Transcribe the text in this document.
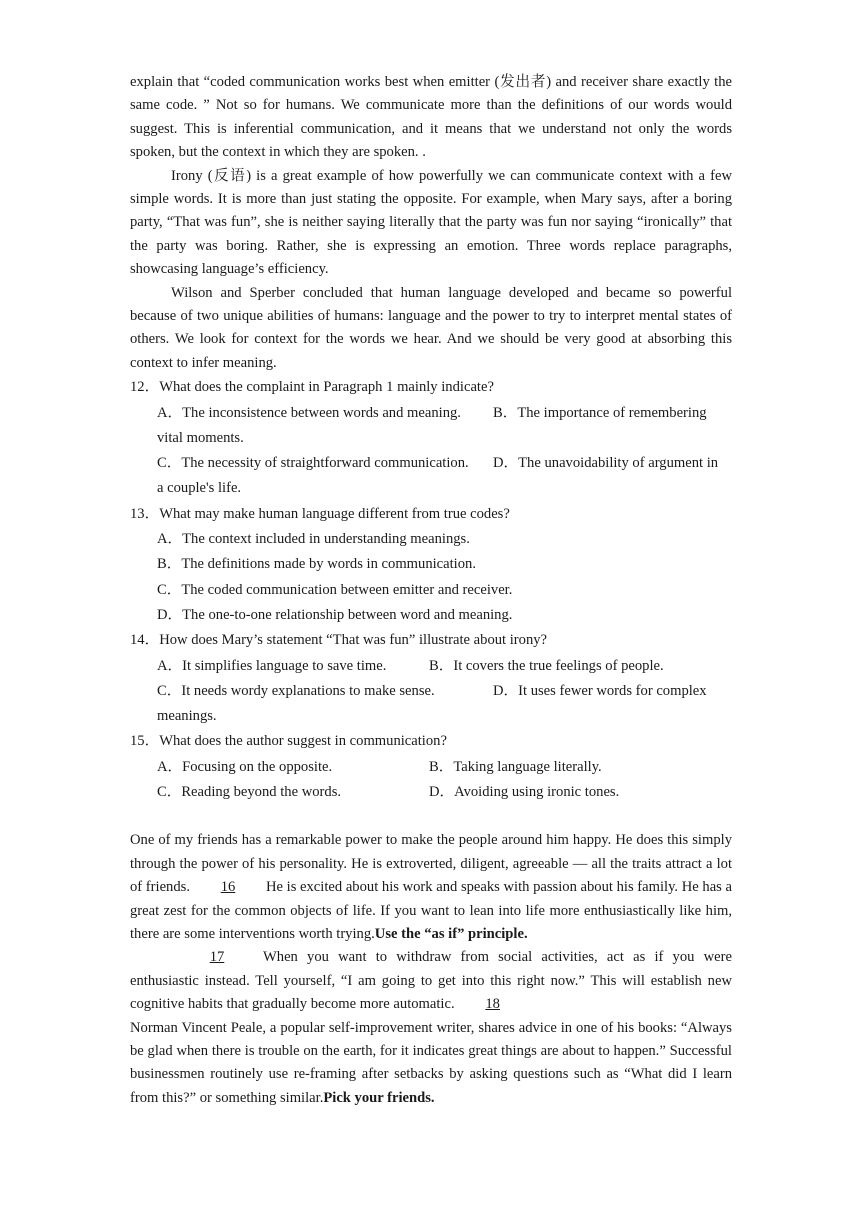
explain that “coded communication works best when emitter (发出者) and receiver share exactly the same code. ” Not so for humans. We communicate more than the definitions of our words would suggest. This is inferential communication, and it means that we understand not only the words spoken, but the context in which they are spoken. .

Irony (反语) is a great example of how powerfully we can communicate context with a few simple words. It is more than just stating the opposite. For example, when Mary says, after a boring party, “That was fun”, she is neither saying literally that the party was fun nor saying “ironically” that the party was boring. Rather, she is expressing an emotion. Three words replace paragraphs, showcasing language’s efficiency.

Wilson and Sperber concluded that human language developed and became so powerful because of two unique abilities of humans: language and the power to try to interpret mental states of others. We look for context for the words we hear. And we should be very good at absorbing this context to infer meaning.

12．What does the complaint in Paragraph 1 mainly indicate?
A．The inconsistence between words and meaning.	B．The importance of remembering
vital moments.
C．The necessity of straightforward communication.	D．The unavoidability of argument in
a couple's life.
13．What may make human language different from true codes?
A．The context included in understanding meanings.
B．The definitions made by words in communication.
C．The coded communication between emitter and receiver.
D．The one-to-one relationship between word and meaning.
14．How does Mary’s statement “That was fun” illustrate about irony?
A．It simplifies language to save time.	B．It covers the true feelings of people.
C．It needs wordy explanations to make sense.	D．It uses fewer words for complex
meanings.
15．What does the author suggest in communication?
A．Focusing on the opposite.	B．Taking language literally.
C．Reading beyond the words.	D．Avoiding using ironic tones.

One of my friends has a remarkable power to make the people around him happy. He does this simply through the power of his personality. He is extroverted, diligent, agreeable — all the traits attract a lot of friends. 16 He is excited about his work and speaks with passion about his family. He has a great zest for the common objects of life. If you want to lean into life more enthusiastically like him, there are some interventions worth trying.Use the “as if” principle.

17	When you want to withdraw from social activities, act as if you were enthusiastic instead. Tell yourself, “I am going to get into this right now.” This will establish new cognitive habits that gradually become more automatic. 18

Norman Vincent Peale, a popular self-improvement writer, shares advice in one of his books: “Always be glad when there is trouble on the earth, for it indicates great things are about to happen.” Successful businessmen routinely use re-framing after setbacks by asking questions such as “What did I learn from this?” or something similar.Pick your friends.
